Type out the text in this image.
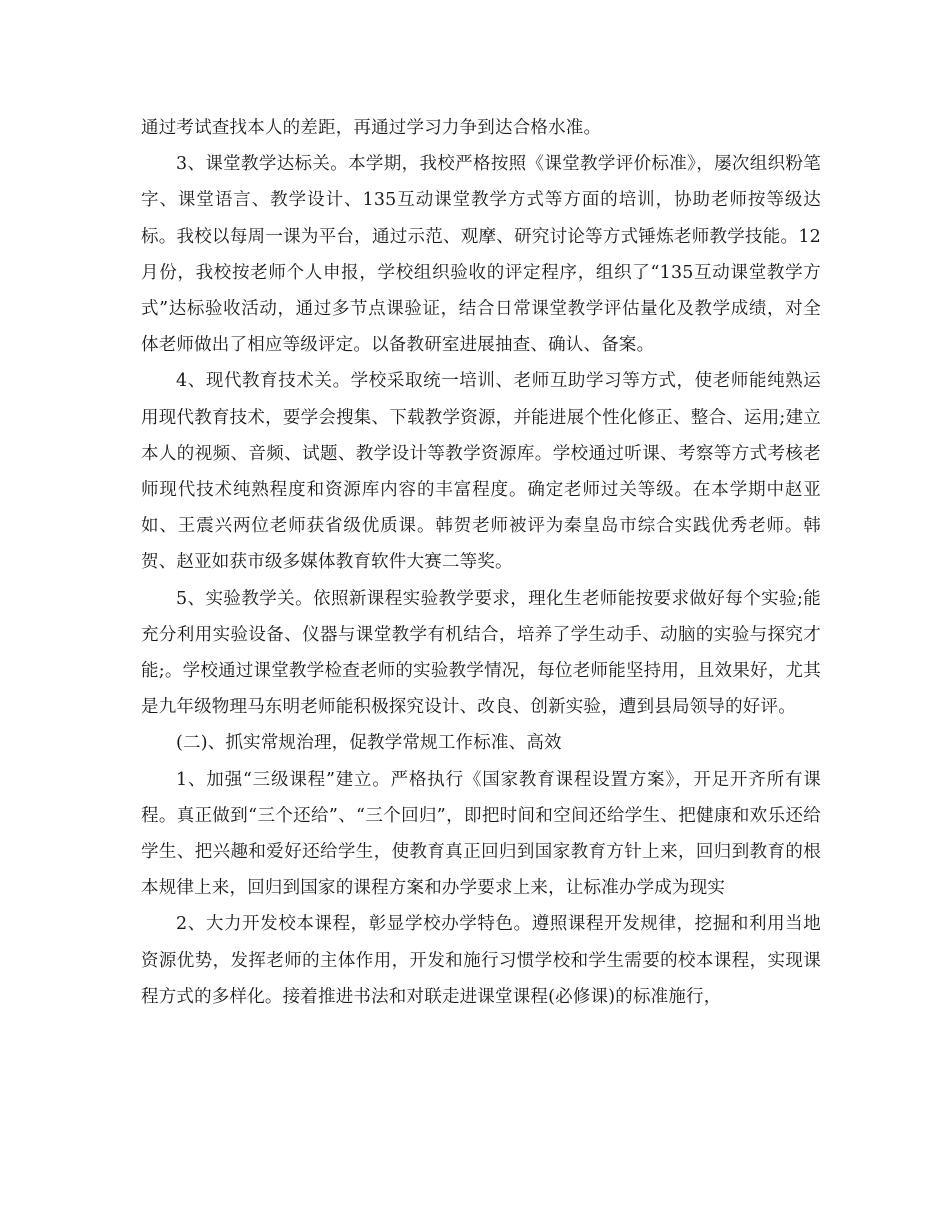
通过考试查找本人的差距，再通过学习力争到达合格水准。

3、课堂教学达标关。本学期，我校严格按照《课堂教学评价标准》，屡次组织粉笔字、课堂语言、教学设计、135互动课堂教学方式等方面的培训，协助老师按等级达标。我校以每周一课为平台，通过示范、观摩、研究讨论等方式锤炼老师教学技能。12月份，我校按老师个人申报，学校组织验收的评定程序，组织了“135互动课堂教学方式”达标验收活动，通过多节点课验证，结合日常课堂教学评估量化及教学成绩，对全体老师做出了相应等级评定。以备教研室进展抽查、确认、备案。

4、现代教育技术关。学校采取统一培训、老师互助学习等方式，使老师能纯熟运用现代教育技术，要学会搜集、下载教学资源，并能进展个性化修正、整合、运用;建立本人的视频、音频、试题、教学设计等教学资源库。学校通过听课、考察等方式考核老师现代技术纯熟程度和资源库内容的丰富程度。确定老师过关等级。在本学期中赵亚如、王震兴两位老师获省级优质课。韩贺老师被评为秦皇岛市综合实践优秀老师。韩贺、赵亚如获市级多媒体教育软件大赛二等奖。

5、实验教学关。依照新课程实验教学要求，理化生老师能按要求做好每个实验;能充分利用实验设备、仪器与课堂教学有机结合，培养了学生动手、动脑的实验与探究才能;。学校通过课堂教学检查老师的实验教学情况，每位老师能坚持用，且效果好，尤其是九年级物理马东明老师能积极探究设计、改良、创新实验，遭到县局领导的好评。

(二)、抓实常规治理，促教学常规工作标准、高效

1、加强“三级课程”建立。严格执行《国家教育课程设置方案》，开足开齐所有课程。真正做到“三个还给”、“三个回归”，即把时间和空间还给学生、把健康和欢乐还给学生、把兴趣和爱好还给学生，使教育真正回归到国家教育方针上来，回归到教育的根本规律上来，回归到国家的课程方案和办学要求上来，让标准办学成为现实

2、大力开发校本课程，彰显学校办学特色。遵照课程开发规律，挖掘和利用当地资源优势，发挥老师的主体作用，开发和施行习惯学校和学生需要的校本课程，实现课程方式的多样化。接着推进书法和对联走进课堂课程(必修课)的标准施行，
